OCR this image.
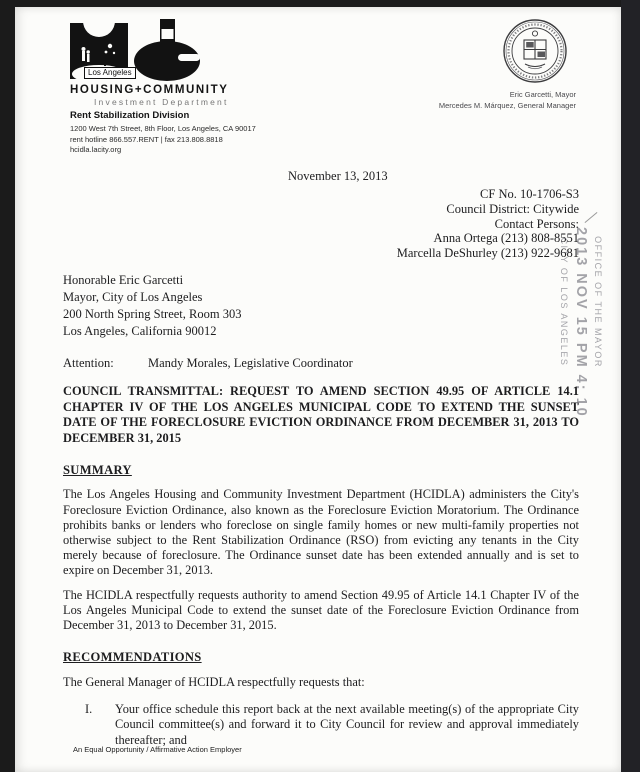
Los Angeles
HOUSING+COMMUNITY
Investment Department
Eric Garcetti, Mayor
Mercedes M. Márquez, General Manager
Rent Stabilization Division
1200 West 7th Street, 8th Floor, Los Angeles, CA 90017
rent hotline 866.557.RENT | fax 213.808.8818
hcidla.lacity.org
November 13, 2013
CF No. 10-1706-S3
Council District: Citywide
Contact Persons:
Anna Ortega (213) 808-8551
Marcella DeShurley (213) 922-9681
Honorable Eric Garcetti
Mayor, City of Los Angeles
200 North Spring Street, Room 303
Los Angeles, California 90012
Attention:	Mandy Morales, Legislative Coordinator
COUNCIL TRANSMITTAL: REQUEST TO AMEND SECTION 49.95 OF ARTICLE 14.1 CHAPTER IV OF THE LOS ANGELES MUNICIPAL CODE TO EXTEND THE SUNSET DATE OF THE FORECLOSURE EVICTION ORDINANCE FROM DECEMBER 31, 2013 TO DECEMBER 31, 2015
SUMMARY
The Los Angeles Housing and Community Investment Department (HCIDLA) administers the City's Foreclosure Eviction Ordinance, also known as the Foreclosure Eviction Moratorium. The Ordinance prohibits banks or lenders who foreclose on single family homes or new multi-family properties not otherwise subject to the Rent Stabilization Ordinance (RSO) from evicting any tenants in the City merely because of foreclosure. The Ordinance sunset date has been extended annually and is set to expire on December 31, 2013.
The HCIDLA respectfully requests authority to amend Section 49.95 of Article 14.1 Chapter IV of the Los Angeles Municipal Code to extend the sunset date of the Foreclosure Eviction Ordinance from December 31, 2013 to December 31, 2015.
RECOMMENDATIONS
The General Manager of HCIDLA respectfully requests that:
I.	Your office schedule this report back at the next available meeting(s) of the appropriate City Council committee(s) and forward it to City Council for review and approval immediately thereafter; and
OFFICE OF THE MAYOR
2013 NOV 15 PM 4: 10
CITY OF LOS ANGELES
An Equal Opportunity / Affirmative Action Employer
